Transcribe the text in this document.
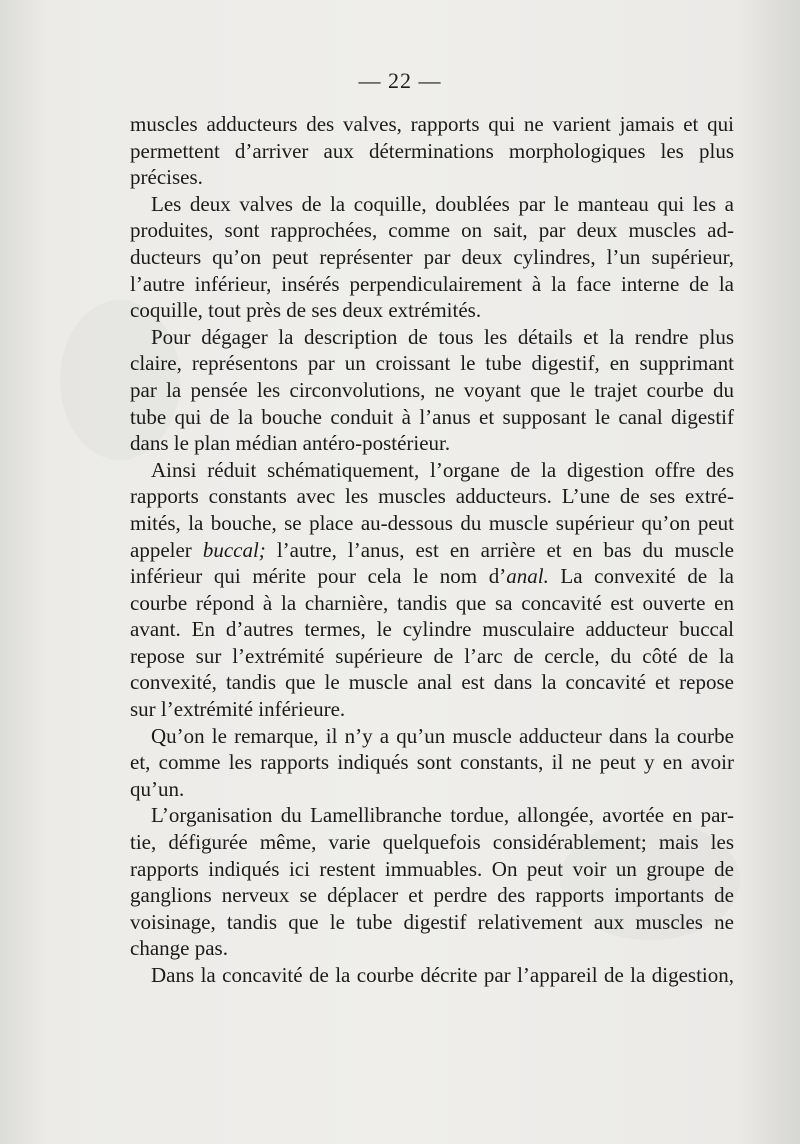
— 22 —

muscles adducteurs des valves, rapports qui ne varient jamais et qui
permettent d’arriver aux déterminations morphologiques les plus
précises.

Les deux valves de la coquille, doublées par le manteau qui les a
produites, sont rapprochées, comme on sait, par deux muscles ad-
ducteurs qu’on peut représenter par deux cylindres, l’un supérieur,
l’autre inférieur, insérés perpendiculairement à la face interne de la
coquille, tout près de ses deux extrémités.

Pour dégager la description de tous les détails et la rendre plus
claire, représentons par un croissant le tube digestif, en supprimant
par la pensée les circonvolutions, ne voyant que le trajet courbe du
tube qui de la bouche conduit à l’anus et supposant le canal digestif
dans le plan médian antéro-postérieur.

Ainsi réduit schématiquement, l’organe de la digestion offre des
rapports constants avec les muscles adducteurs. L’une de ses extré-
mités, la bouche, se place au-dessous du muscle supérieur qu’on peut
appeler buccal; l’autre, l’anus, est en arrière et en bas du muscle
inférieur qui mérite pour cela le nom d’anal. La convexité de la
courbe répond à la charnière, tandis que sa concavité est ouverte en
avant. En d’autres termes, le cylindre musculaire adducteur buccal
repose sur l’extrémité supérieure de l’arc de cercle, du côté de la
convexité, tandis que le muscle anal est dans la concavité et repose
sur l’extrémité inférieure.

Qu’on le remarque, il n’y a qu’un muscle adducteur dans la courbe
et, comme les rapports indiqués sont constants, il ne peut y en avoir
qu’un.

L’organisation du Lamellibranche tordue, allongée, avortée en par-
tie, défigurée même, varie quelquefois considérablement; mais les
rapports indiqués ici restent immuables. On peut voir un groupe de
ganglions nerveux se déplacer et perdre des rapports importants de
voisinage, tandis que le tube digestif relativement aux muscles ne
change pas.

Dans la concavité de la courbe décrite par l’appareil de la digestion,
